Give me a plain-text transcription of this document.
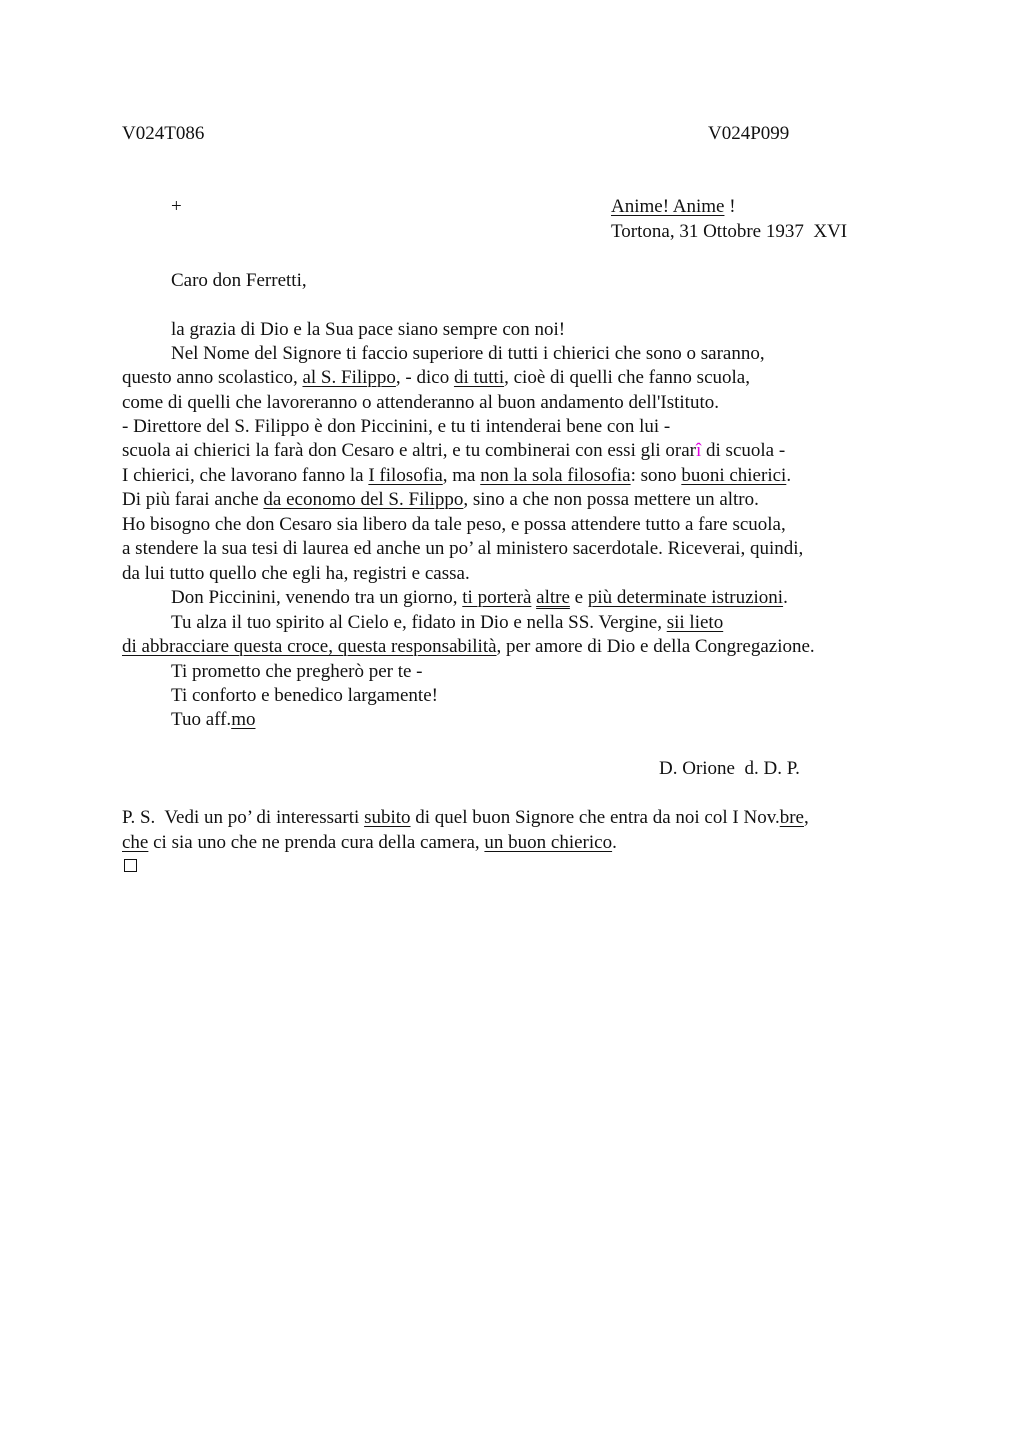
V024T086	V024P099
+	Anime! Anime !
Tortona, 31 Ottobre 1937  XVI
Caro don Ferretti,
la grazia di Dio e la Sua pace siano sempre con noi!
Nel Nome del Signore ti faccio superiore di tutti i chierici che sono o saranno,
questo anno scolastico, al S. Filippo, - dico di tutti, cioè di quelli che fanno scuola,
come di quelli che lavoreranno o attenderanno al buon andamento dell'Istituto.
- Direttore del S. Filippo è don Piccinini, e tu ti intenderai bene con lui -
scuola ai chierici la farà don Cesaro e altri, e tu combinerai con essi gli orarî di scuola -
I chierici, che lavorano fanno la I filosofia, ma non la sola filosofia: sono buoni chierici.
Di più farai anche da economo del S. Filippo, sino a che non possa mettere un altro.
Ho bisogno che don Cesaro sia libero da tale peso, e possa attendere tutto a fare scuola,
a stendere la sua tesi di laurea ed anche un po’ al ministero sacerdotale. Riceverai, quindi,
da lui tutto quello che egli ha, registri e cassa.
Don Piccinini, venendo tra un giorno, ti porterà altre e più determinate istruzioni.
Tu alza il tuo spirito al Cielo e, fidato in Dio e nella SS. Vergine, sii lieto
di abbracciare questa croce, questa responsabilità, per amore di Dio e della Congregazione.
Ti prometto che pregherò per te -
Ti conforto e benedico largamente!
Tuo aff.mo
D. Orione  d. D. P.
P. S.  Vedi un po’ di interessarti subito di quel buon Signore che entra da noi col I Nov.bre,
che ci sia uno che ne prenda cura della camera, un buon chierico.
